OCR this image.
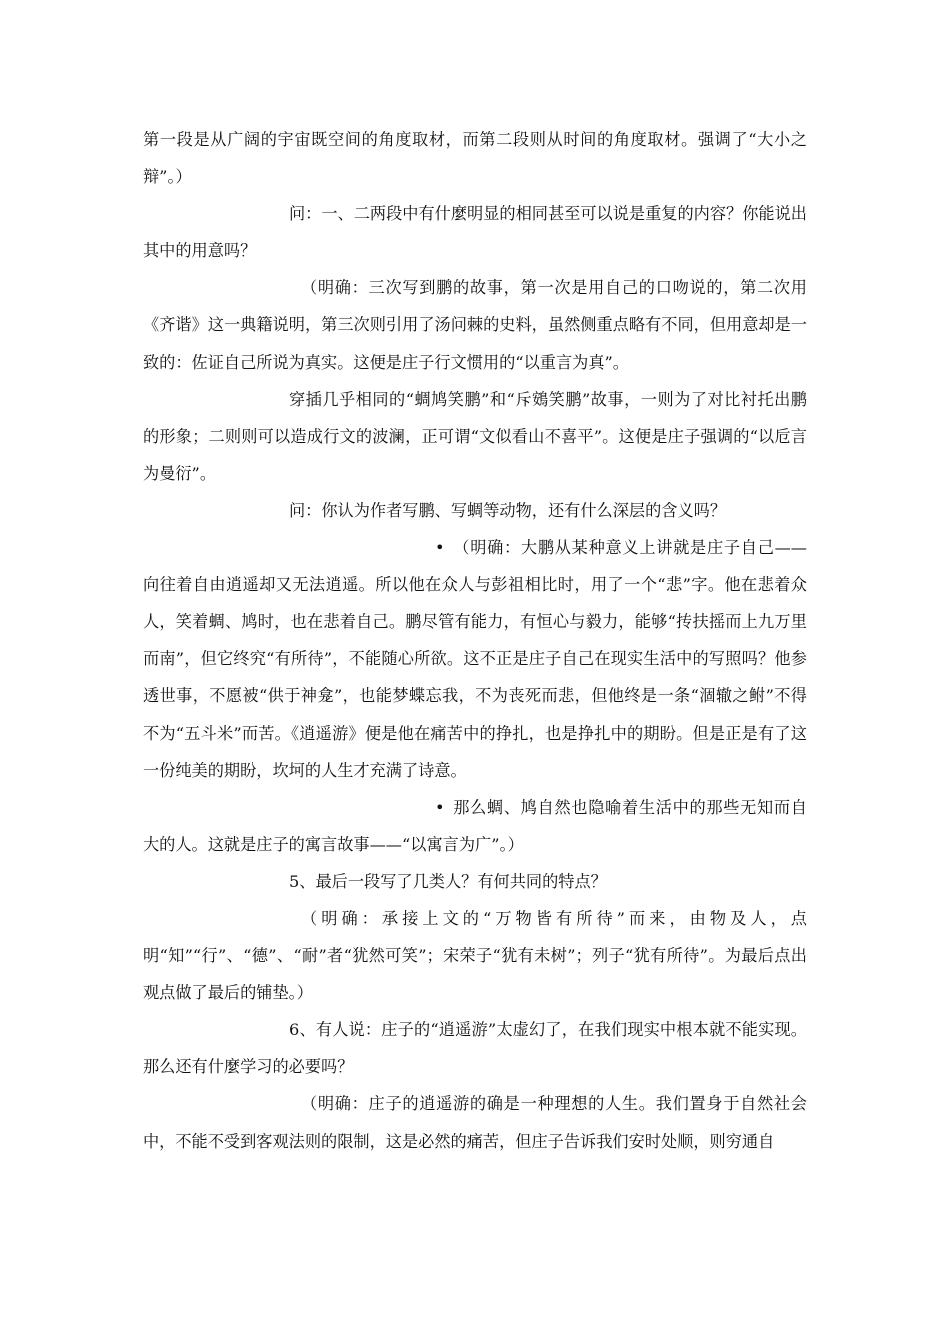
第一段是从广阔的宇宙既空间的角度取材，而第二段则从时间的角度取材。强调了“大小之辩”。）

问：一、二两段中有什麼明显的相同甚至可以说是重复的内容？你能说出其中的用意吗？

（明确：三次写到鹏的故事，第一次是用自己的口吻说的，第二次用《齐谐》这一典籍说明，第三次则引用了汤问棘的史料，虽然侧重点略有不同，但用意却是一致的：佐证自己所说为真实。这便是庄子行文惯用的“以重言为真”。

穿插几乎相同的“蜩鸠笑鹏”和“斥鴳笑鹏”故事，一则为了对比衬托出鹏的形象；二则则可以造成行文的波澜，正可谓“文似看山不喜平”。这便是庄子强调的“以卮言为曼衍”。

问：你认为作者写鹏、写蜩等动物，还有什么深层的含义吗？

• （明确：大鹏从某种意义上讲就是庄子自己——向往着自由逍遥却又无法逍遥。所以他在众人与彭祖相比时，用了一个“悲”字。他在悲着众人，笑着蜩、鸠时，也在悲着自己。鹏尽管有能力，有恒心与毅力，能够“抟扶摇而上九万里而南”，但它终究“有所待”，不能随心所欲。这不正是庄子自己在现实生活中的写照吗？他参透世事，不愿被“供于神龛”，也能梦蝶忘我，不为丧死而悲，但他终是一条“涸辙之鲋”不得不为“五斗米”而苦。《逍遥游》便是他在痛苦中的挣扎，也是挣扎中的期盼。但是正是有了这一份纯美的期盼，坎坷的人生才充满了诗意。

• 那么蜩、鸠自然也隐喻着生活中的那些无知而自大的人。这就是庄子的寓言故事——“以寓言为广”。）

5、最后一段写了几类人？有何共同的特点？

（明确：承接上文的“万物皆有所待”而来，由物及人，点明“知”“行”、“德”、“耐”者“犹然可笑”；宋荣子“犹有未树”；列子“犹有所待”。为最后点出观点做了最后的铺垫。）

6、有人说：庄子的“逍遥游”太虚幻了，在我们现实中根本就不能实现。那么还有什麼学习的必要吗？

（明确：庄子的逍遥游的确是一种理想的人生。我们置身于自然社会中，不能不受到客观法则的限制，这是必然的痛苦，但庄子告诉我们安时处顺，则穷通自
